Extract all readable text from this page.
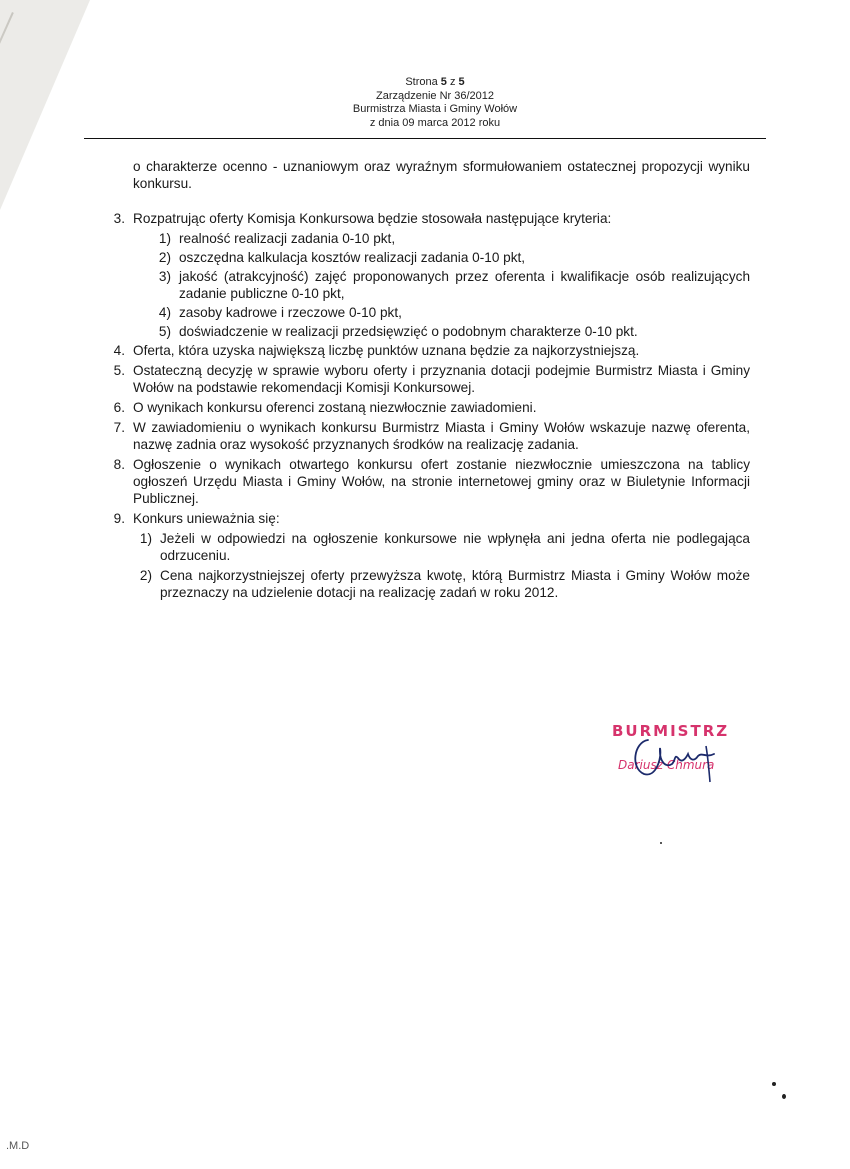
Strona 5 z 5
Zarządzenie Nr 36/2012
Burmistrza Miasta i Gminy Wołów
z dnia 09 marca 2012 roku
o charakterze ocenno - uznaniowym oraz wyraźnym sformułowaniem ostatecznej propozycji wyniku konkursu.
3. Rozpatrując oferty Komisja Konkursowa będzie stosowała następujące kryteria:
1) realność realizacji zadania 0-10 pkt,
2) oszczędna kalkulacja kosztów realizacji zadania 0-10 pkt,
3) jakość (atrakcyjność) zajęć proponowanych przez oferenta i kwalifikacje osób realizujących zadanie publiczne 0-10 pkt,
4) zasoby kadrowe i rzeczowe 0-10 pkt,
5) doświadczenie w realizacji przedsięwzięć o podobnym charakterze 0-10 pkt.
4. Oferta, która uzyska największą liczbę punktów uznana będzie za najkorzystniejszą.
5. Ostateczną decyzję w sprawie wyboru oferty i przyznania dotacji podejmie Burmistrz Miasta i Gminy Wołów na podstawie rekomendacji Komisji Konkursowej.
6. O wynikach konkursu oferenci zostaną niezwłocznie zawiadomieni.
7. W zawiadomieniu o wynikach konkursu Burmistrz Miasta i Gminy Wołów wskazuje nazwę oferenta, nazwę zadnia oraz wysokość przyznanych środków na realizację zadania.
8. Ogłoszenie o wynikach otwartego konkursu ofert zostanie niezwłocznie umieszczona na tablicy ogłoszeń Urzędu Miasta i Gminy Wołów, na stronie internetowej gminy oraz w Biuletynie Informacji Publicznej.
9. Konkurs unieważnia się:
1) Jeżeli w odpowiedzi na ogłoszenie konkursowe nie wpłynęła ani jedna oferta nie podlegająca odrzuceniu.
2) Cena najkorzystniejszej oferty przewyższa kwotę, którą Burmistrz Miasta i Gminy Wołów może przeznaczy na udzielenie dotacji na realizację zadań w roku 2012.
BURMISTRZ
Dariusz Chmura
.M.D
